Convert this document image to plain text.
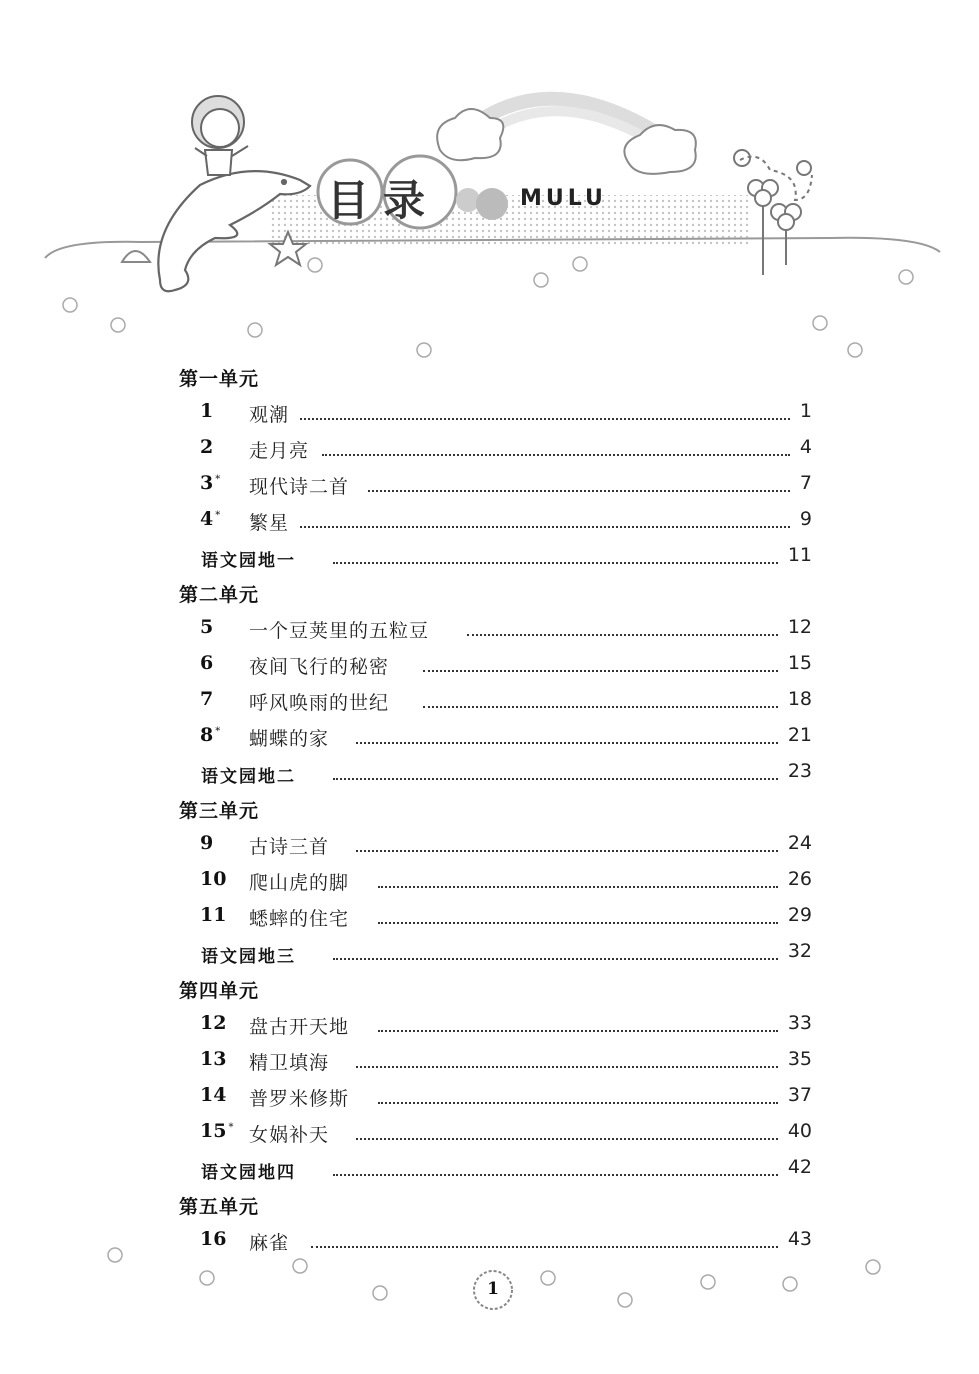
目录	MULU
第一单元
1 观潮	1
2 走月亮	4
3 * 现代诗二首	7
4 * 繁星	9
语文园地一	11
第二单元
5 一个豆荚里的五粒豆	12
6 夜间飞行的秘密	15
7 呼风唤雨的世纪	18
8 * 蝴蝶的家	21
语文园地二	23
第三单元
9 古诗三首	24
10 爬山虎的脚	26
11 蟋蟀的住宅	29
语文园地三	32
第四单元
12 盘古开天地	33
13 精卫填海	35
14 普罗米修斯	37
15 * 女娲补天	40
语文园地四	42
第五单元
16 麻雀	43
1
